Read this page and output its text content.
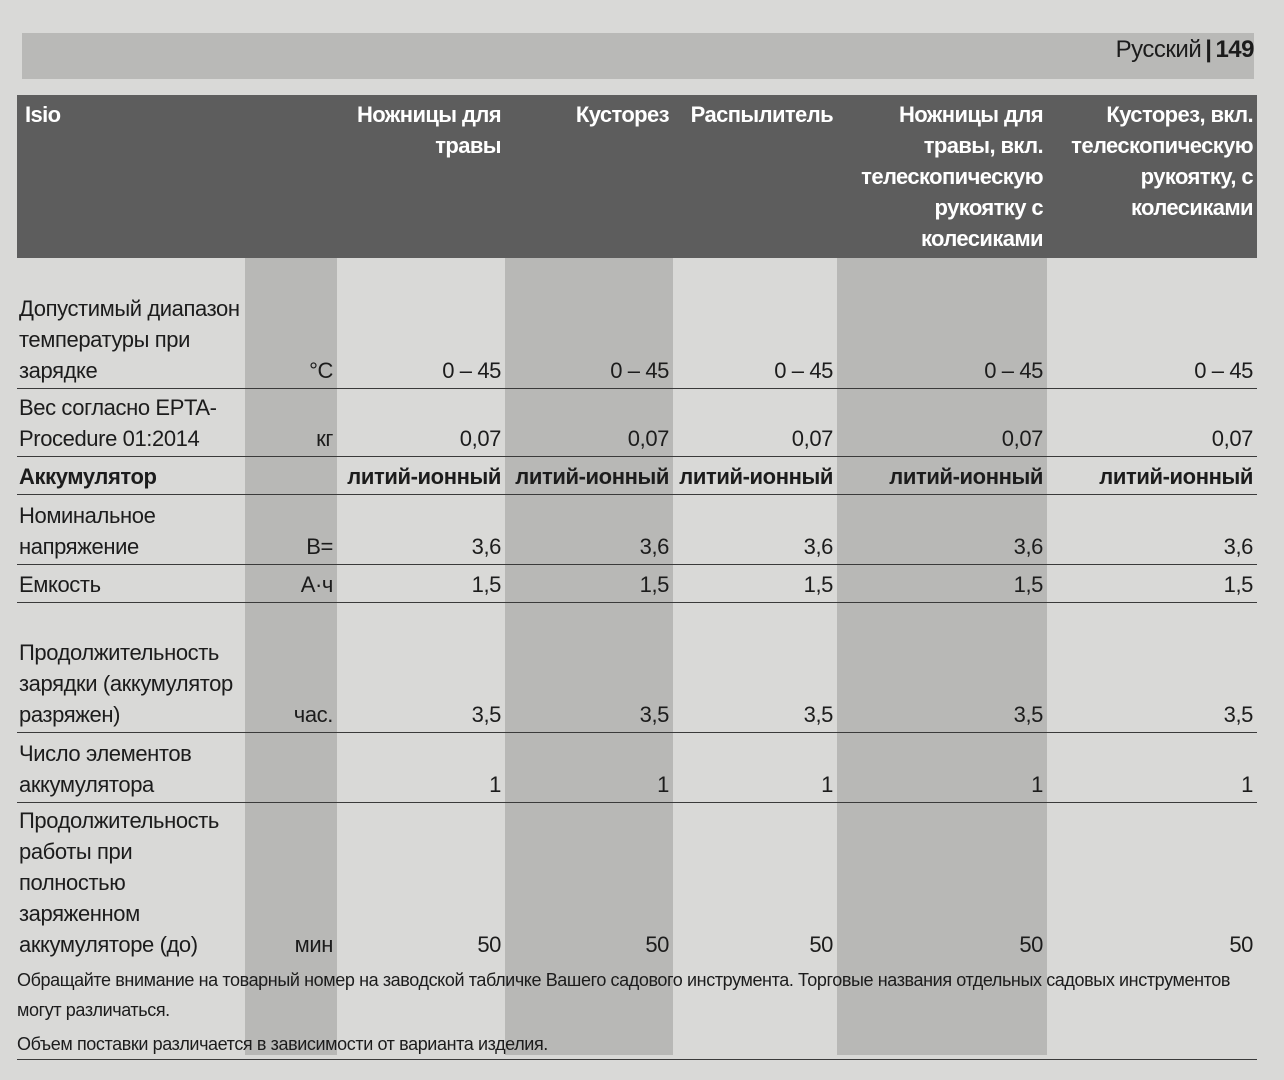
Русский | 149
Isio		Ножницы для травы	Кусторез	Распылитель	Ножницы для травы, вкл. телескопическую рукоятку с колесиками	Кусторез, вкл. телескопическую рукоятку, с колесиками
Допустимый диапазон температуры при зарядке	°C	0 – 45	0 – 45	0 – 45	0 – 45	0 – 45
Вес согласно EPTA-Procedure 01:2014	кг	0,07	0,07	0,07	0,07	0,07
Аккумулятор		литий-ионный	литий-ионный	литий-ионный	литий-ионный	литий-ионный
Номинальное напряжение	В=	3,6	3,6	3,6	3,6	3,6
Емкость	А·ч	1,5	1,5	1,5	1,5	1,5
Продолжительность зарядки (аккумулятор разряжен)	час.	3,5	3,5	3,5	3,5	3,5
Число элементов аккумулятора		1	1	1	1	1
Продолжительность работы при полностью заряженном аккумуляторе (до)	мин	50	50	50	50	50

Обращайте внимание на товарный номер на заводской табличке Вашего садового инструмента. Торговые названия отдельных садовых инструментов могут различаться.

Объем поставки различается в зависимости от варианта изделия.
